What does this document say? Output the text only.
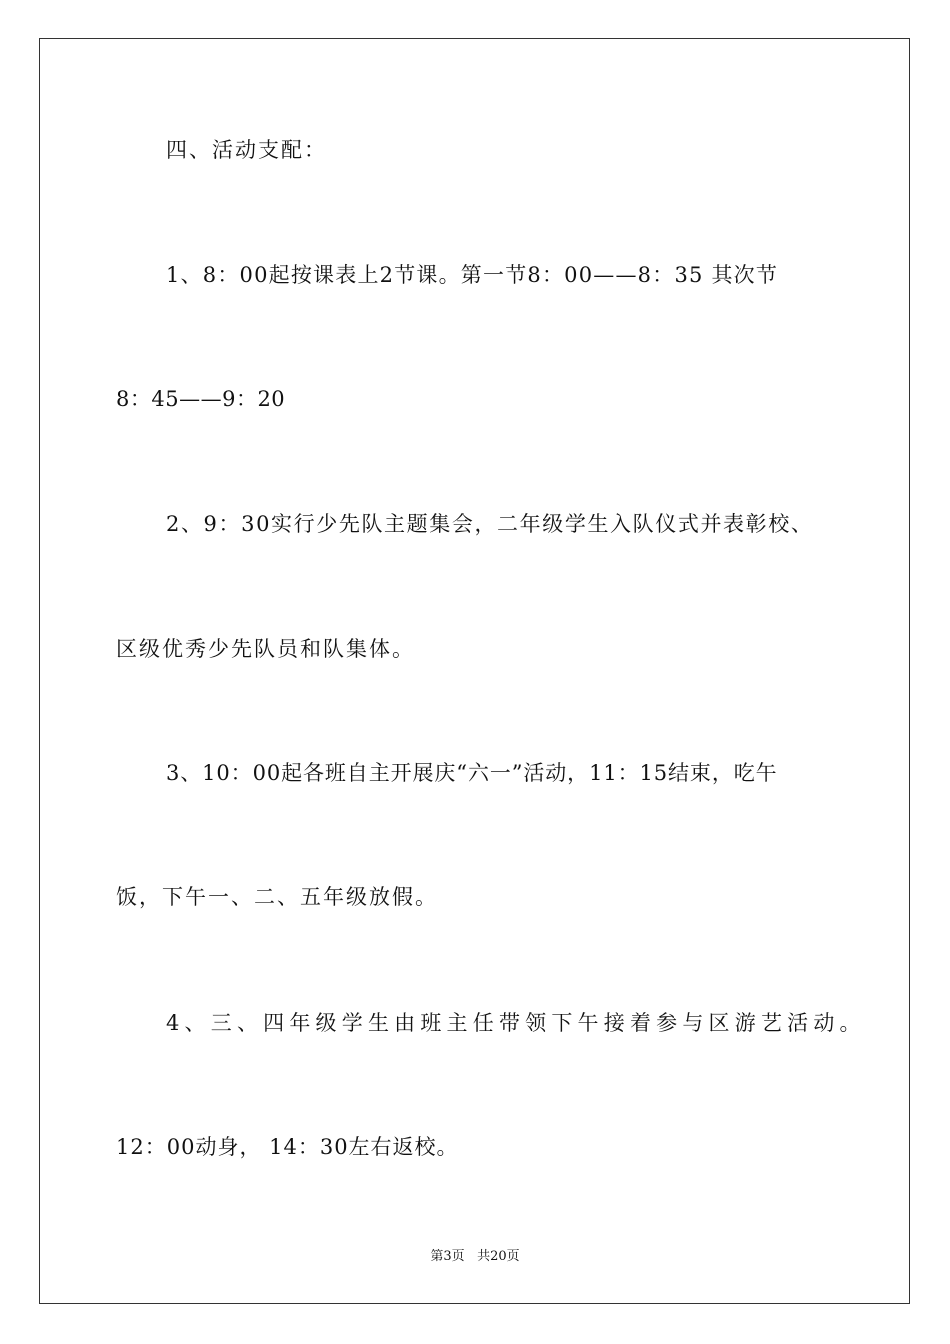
四、活动支配：
1、8：00起按课表上2节课。第一节8：00——8：35 其次节
8：45——9：20
2、9：30实行少先队主题集会，二年级学生入队仪式并表彰校、
区级优秀少先队员和队集体。
3、10：00起各班自主开展庆“六一”活动，11：15结束，吃午
饭，下午一、二、五年级放假。
4、三、四年级学生由班主任带领下午接着参与区游艺活动。
12：00动身， 14：30左右返校。
第3页 共20页
